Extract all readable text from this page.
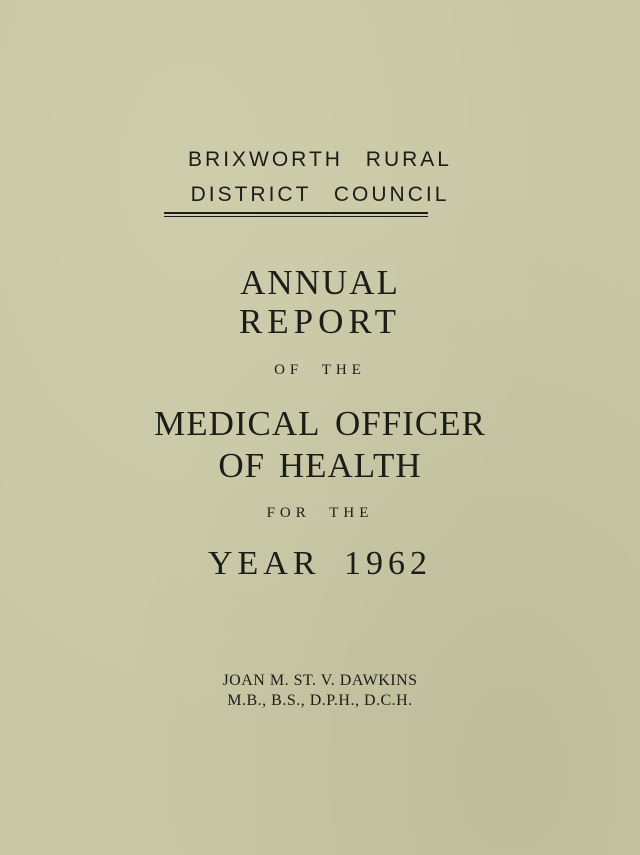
BRIXWORTH RURAL

DISTRICT COUNCIL

ANNUAL

REPORT

OF THE

MEDICAL OFFICER

OF HEALTH

FOR THE

YEAR 1962

JOAN M. ST. V. DAWKINS

M.B., B.S., D.P.H., D.C.H.
